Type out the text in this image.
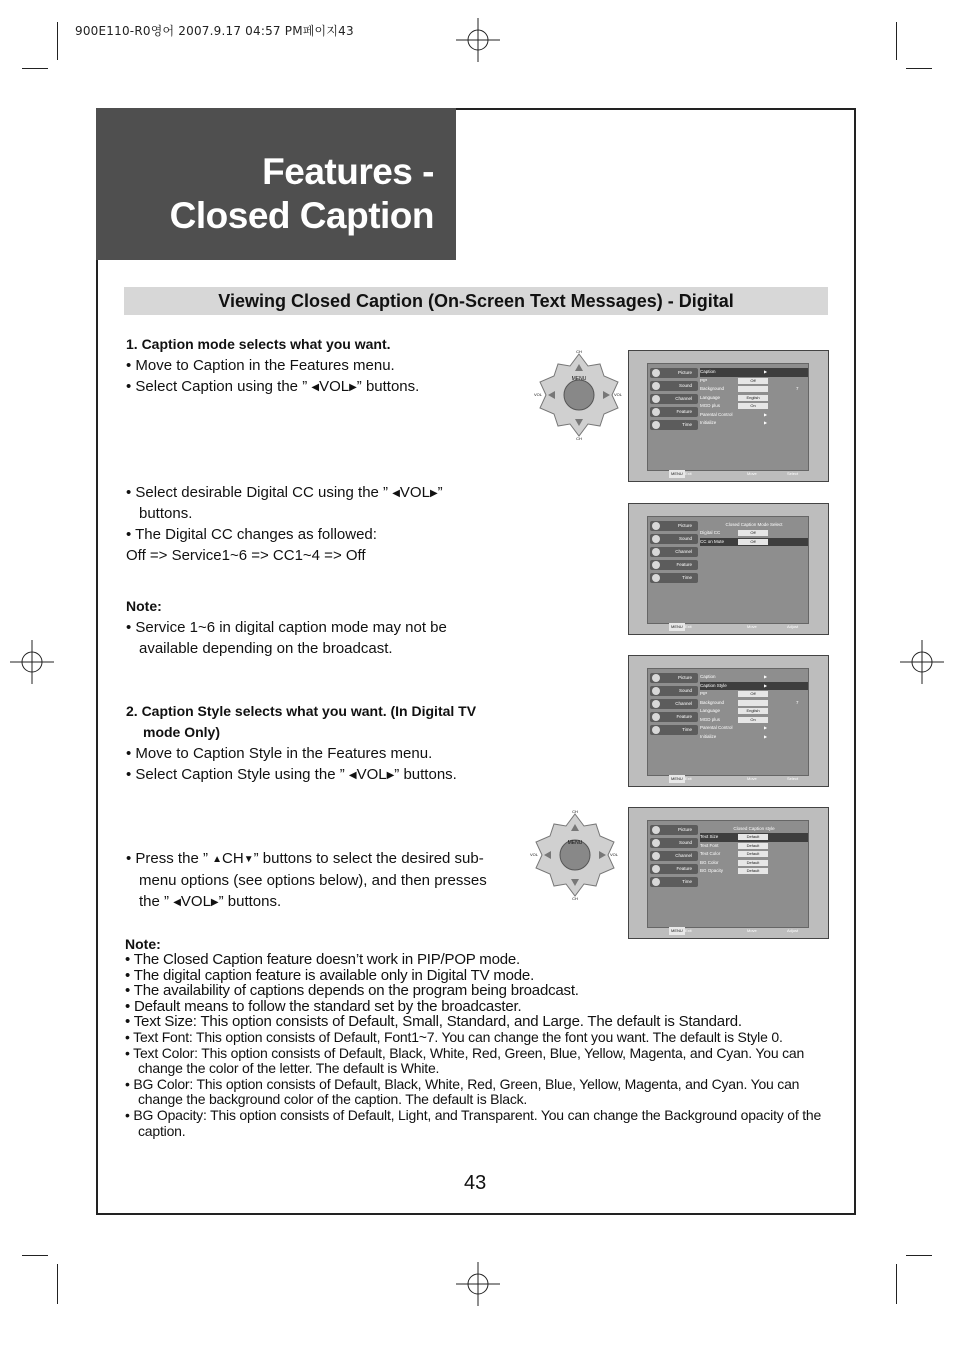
900E110-R0영어 2007.9.17 04:57 PM페이지43
Features -
Closed Caption
Viewing Closed Caption (On-Screen Text Messages) - Digital
1. Caption mode selects what you want.
• Move to Caption in the Features menu.
• Select Caption using the ” ◀VOL▶” buttons.
• Select desirable Digital CC using the ” ◀VOL▶”
buttons.
• The Digital CC changes as followed:
Off => Service1~6 => CC1~4 => Off
Note:
• Service 1~6 in digital caption mode may not be
available depending on the broadcast.
2. Caption Style selects what you want. (In Digital TV
mode Only)
• Move to Caption Style in the Features menu.
• Select Caption Style using the ” ◀VOL▶” buttons.
• Press the ” ▲CH▼” buttons to select the desired sub-
menu options (see options below), and then presses
the ” ◀VOL▶” buttons.
Note:
• The Closed Caption feature doesn’t work in PIP/POP mode.
• The digital caption feature is available only in Digital TV mode.
• The availability of captions depends on the program being broadcast.
• Default means to follow the standard set by the broadcaster.
• Text Size: This option consists of Default, Small, Standard, and Large. The default is Standard.
• Text Font: This option consists of Default, Font1~7. You can change the font you want. The default is Style 0.
• Text Color: This option consists of Default, Black, White, Red, Green, Blue, Yellow, Magenta, and Cyan. You can change the color of the letter. The default is White.
• BG Color: This option consists of Default, Black, White, Red, Green, Blue, Yellow, Magenta, and Cyan. You can change the background color of the caption. The default is Black.
• BG Opacity: This option consists of Default, Light, and Transparent. You can change the Background opacity of the caption.
43
MENU
CH
CH
VOL	VOL
MENU
CH
CH
VOL	VOL
Picture
Sound
Channel
Feature
Time
Caption	▶
PIP	Off
Background	7
Language	English
MGD plus	On
Parental Control	▶
Initialize	▶
MENU Exit	Move	Select
Picture
Sound
Channel
Feature
Time
Closed Caption Mode Select
Digital CC	Off
CC on Mute	Off
MENU Exit	Move	Adjust
Picture
Sound
Channel
Feature
Time
Caption	▶
Caption Style	▶
PIP	Off
Background	7
Language	English
MGD plus	On
Parental Control	▶
Initialize	▶
MENU Exit	Move	Select
Picture
Sound
Channel
Feature
Time
Closed Caption style
Text Size	Default
Text Font	Default
Text Color	Default
BG Color	Default
BG Opacity	Default
MENU Exit	Move	Adjust
